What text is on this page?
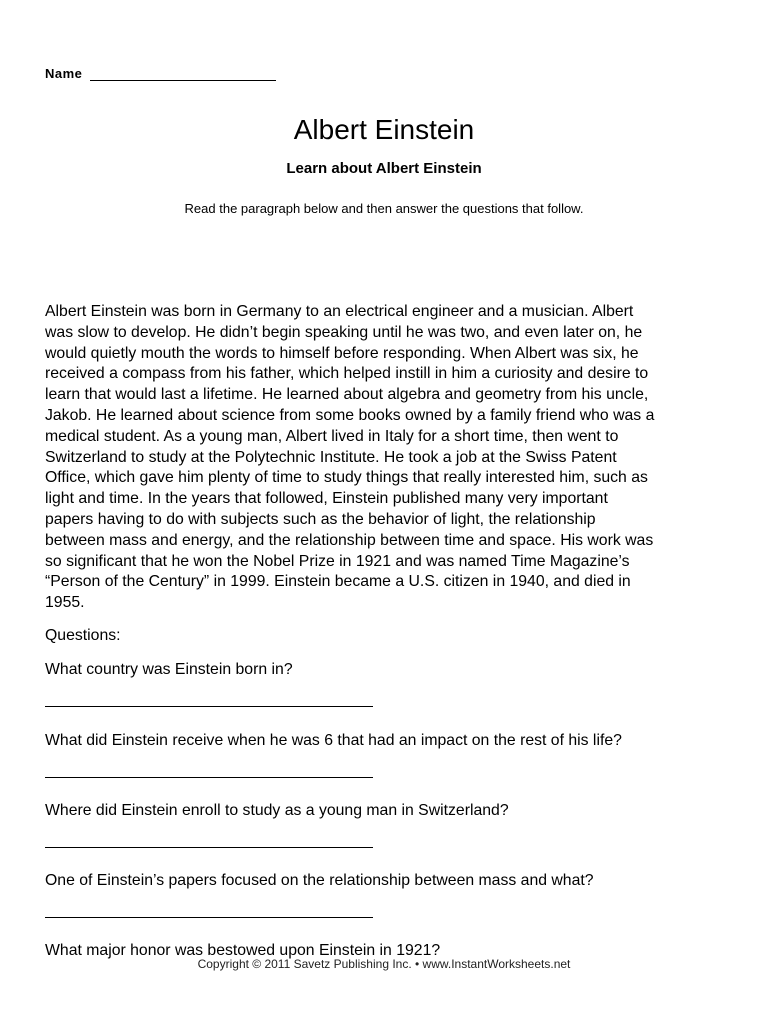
Name
Albert Einstein
Learn about Albert Einstein
Read the paragraph below and then answer the questions that follow.

Albert Einstein was born in Germany to an electrical engineer and a musician. Albert
was slow to develop. He didn’t begin speaking until he was two, and even later on, he
would quietly mouth the words to himself before responding. When Albert was six, he
received a compass from his father, which helped instill in him a curiosity and desire to
learn that would last a lifetime. He learned about algebra and geometry from his uncle,
Jakob. He learned about science from some books owned by a family friend who was a
medical student. As a young man, Albert lived in Italy for a short time, then went to
Switzerland to study at the Polytechnic Institute. He took a job at the Swiss Patent
Office, which gave him plenty of time to study things that really interested him, such as
light and time. In the years that followed, Einstein published many very important
papers having to do with subjects such as the behavior of light, the relationship
between mass and energy, and the relationship between time and space. His work was
so significant that he won the Nobel Prize in 1921 and was named Time Magazine’s
“Person of the Century” in 1999. Einstein became a U.S. citizen in 1940, and died in
1955.

Questions:
What country was Einstein born in?
What did Einstein receive when he was 6 that had an impact on the rest of his life?
Where did Einstein enroll to study as a young man in Switzerland?
One of Einstein’s papers focused on the relationship between mass and what?
What major honor was bestowed upon Einstein in 1921?
Copyright © 2011 Savetz Publishing Inc. • www.InstantWorksheets.net
